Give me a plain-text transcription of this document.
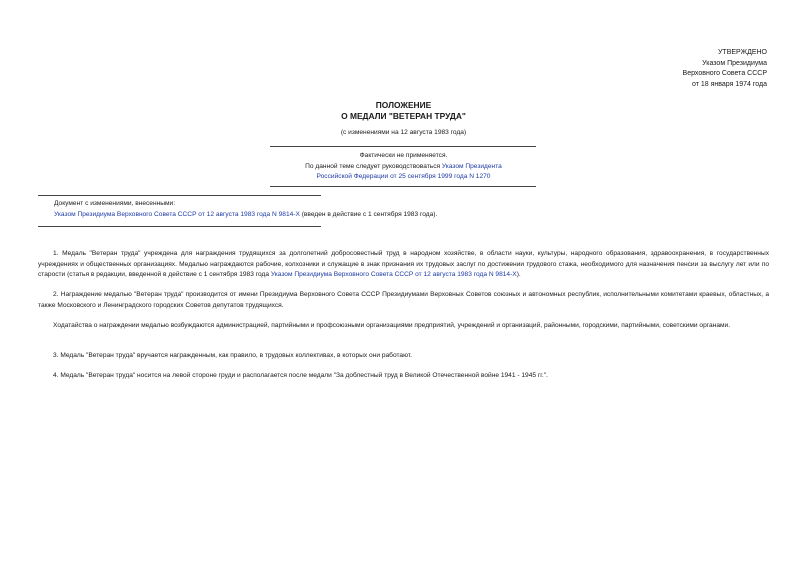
УТВЕРЖДЕНО
Указом Президиума
Верховного Совета СССР
от 18 января 1974 года
ПОЛОЖЕНИЕ
О МЕДАЛИ "ВЕТЕРАН ТРУДА"
(с изменениями на 12 августа 1983 года)
Фактически не применяется.
По данной теме следует руководствоваться Указом Президента
Российской Федерации от 25 сентября 1999 года N 1270
Документ с изменениями, внесенными:
Указом Президиума Верховного Совета СССР от 12 августа 1983 года N 9814-X (введен в действие с 1 сентября 1983 года).

1. Медаль "Ветеран труда" учреждена для награждения трудящихся за долголетний добросовестный труд в народном хозяйстве, в области науки, культуры, народного образования, здравоохранения, в государственных учреждениях и общественных организациях. Медалью награждаются рабочие, колхозники и служащие в знак признания их трудовых заслуг по достижении трудового стажа, необходимого для назначения пенсии за выслугу лет или по старости (статья в редакции, введенной в действие с 1 сентября 1983 года Указом Президиума Верховного Совета СССР от 12 августа 1983 года N 9814-X).

2. Награждение медалью "Ветеран труда" производится от имени Президиума Верховного Совета СССР Президиумами Верховных Советов союзных и автономных республик, исполнительными комитетами краевых, областных, а также Московского и Ленинградского городских Советов депутатов трудящихся.

Ходатайства о награждении медалью возбуждаются администрацией, партийными и профсоюзными организациями предприятий, учреждений и организаций, районными, городскими, партийными, советскими органами.

3. Медаль "Ветеран труда" вручается награжденным, как правило, в трудовых коллективах, в которых они работают.

4. Медаль "Ветеран труда" носится на левой стороне груди и располагается после медали "За доблестный труд в Великой Отечественной войне 1941 - 1945 гг.".
